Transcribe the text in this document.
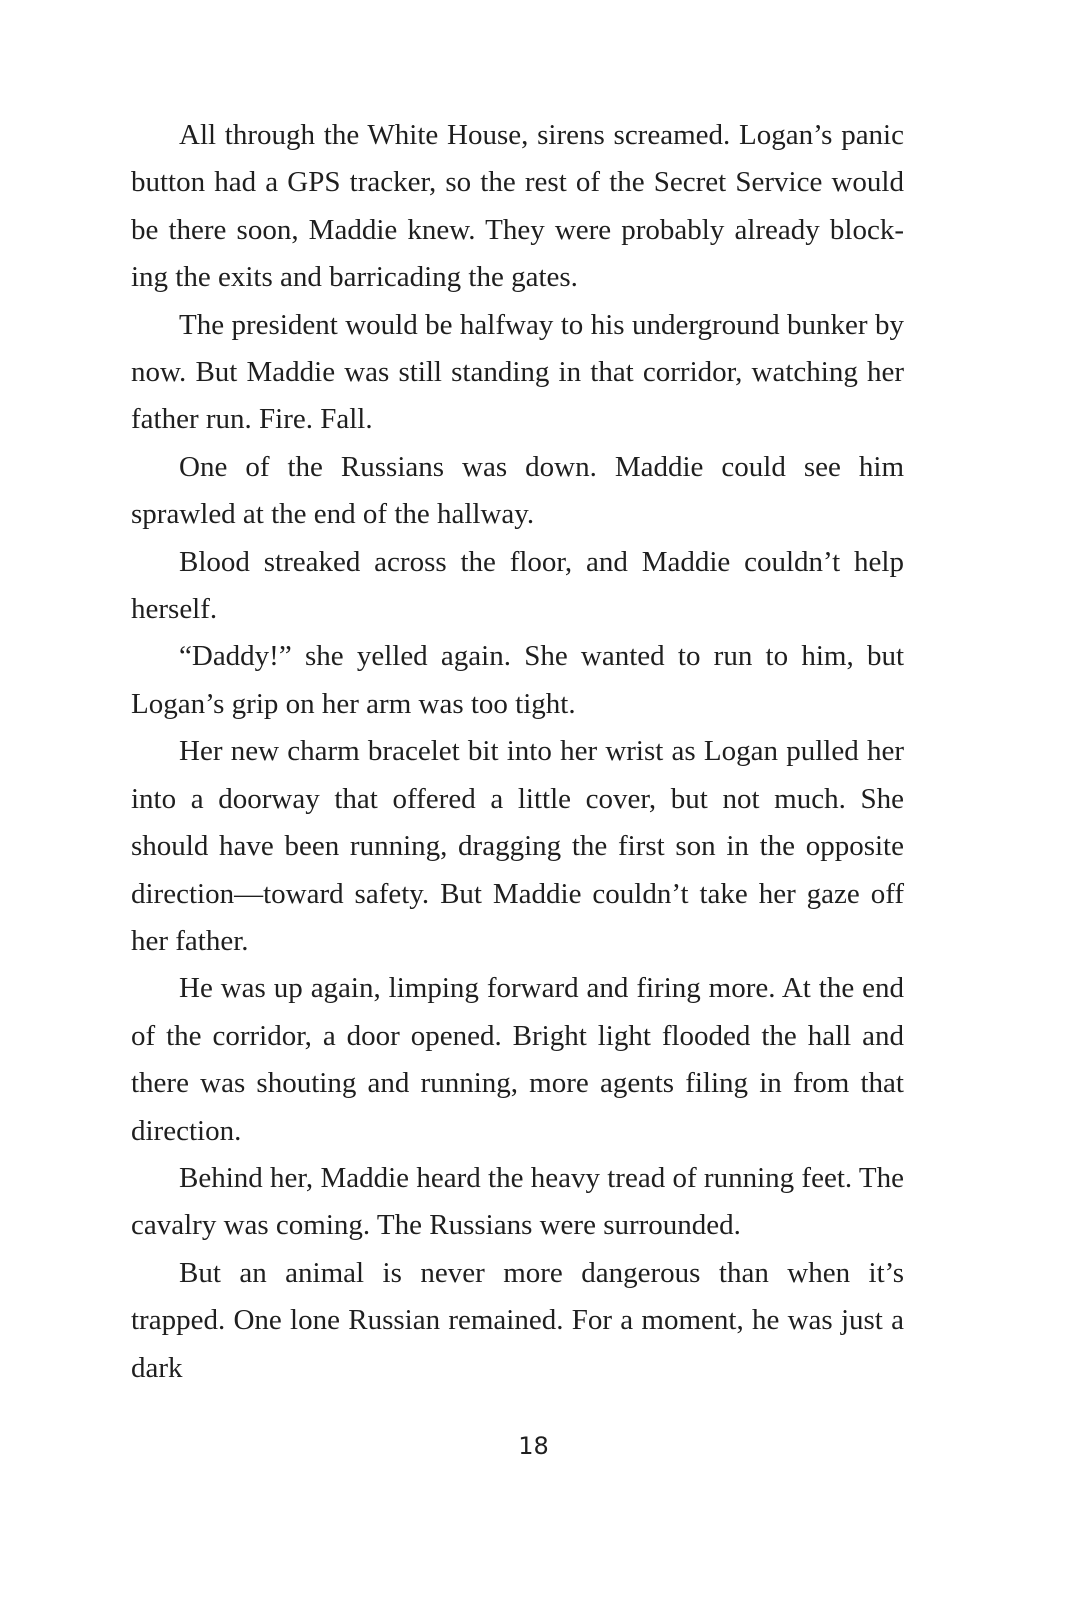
All through the White House, sirens screamed. Logan’s panic button had a GPS tracker, so the rest of the Secret Service would be there soon, Maddie knew. They were probably already blocking the exits and barricading the gates.

The president would be halfway to his underground bunker by now. But Maddie was still standing in that corridor, watching her father run. Fire. Fall.

One of the Russians was down. Maddie could see him sprawled at the end of the hallway.

Blood streaked across the floor, and Maddie couldn’t help herself.

“Daddy!” she yelled again. She wanted to run to him, but Logan’s grip on her arm was too tight.

Her new charm bracelet bit into her wrist as Logan pulled her into a doorway that offered a little cover, but not much. She should have been running, dragging the first son in the opposite direction—toward safety. But Maddie couldn’t take her gaze off her father.

He was up again, limping forward and firing more. At the end of the corridor, a door opened. Bright light flooded the hall and there was shouting and running, more agents filing in from that direction.

Behind her, Maddie heard the heavy tread of running feet. The cavalry was coming. The Russians were surrounded.

But an animal is never more dangerous than when it’s trapped. One lone Russian remained. For a moment, he was just a dark

18
